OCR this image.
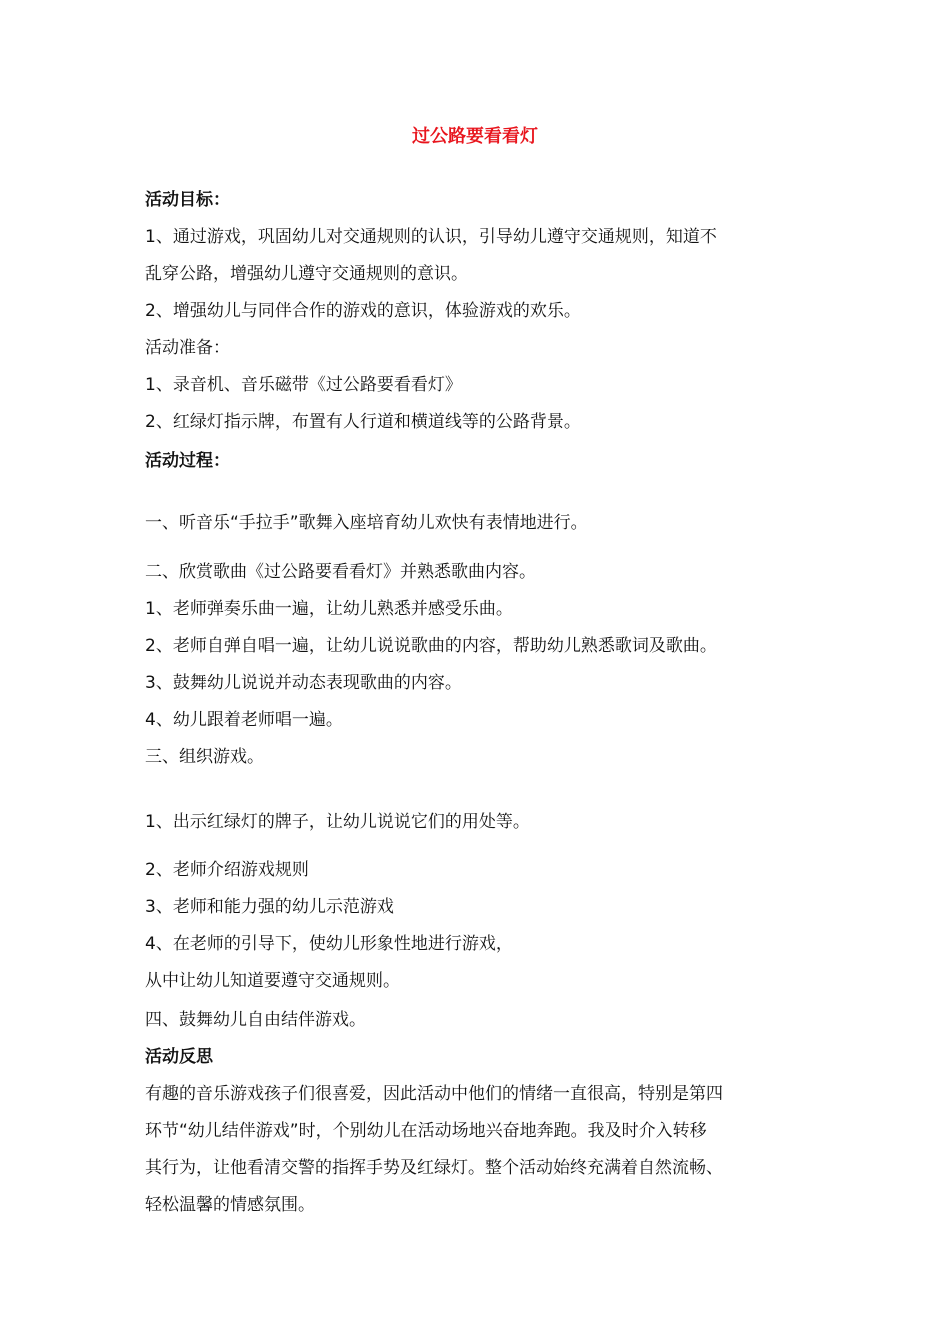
过公路要看看灯
活动目标：
1、通过游戏，巩固幼儿对交通规则的认识，引导幼儿遵守交通规则，知道不
乱穿公路，增强幼儿遵守交通规则的意识。
2、增强幼儿与同伴合作的游戏的意识，体验游戏的欢乐。
活动准备：
1、录音机、音乐磁带《过公路要看看灯》
2、红绿灯指示牌，布置有人行道和横道线等的公路背景。
活动过程：
一、听音乐“手拉手”歌舞入座培育幼儿欢快有表情地进行。
二、欣赏歌曲《过公路要看看灯》并熟悉歌曲内容。
1、老师弹奏乐曲一遍，让幼儿熟悉并感受乐曲。
2、老师自弹自唱一遍，让幼儿说说歌曲的内容，帮助幼儿熟悉歌词及歌曲。
3、鼓舞幼儿说说并动态表现歌曲的内容。
4、幼儿跟着老师唱一遍。
三、组织游戏。
1、出示红绿灯的牌子，让幼儿说说它们的用处等。
2、老师介绍游戏规则
3、老师和能力强的幼儿示范游戏
4、在老师的引导下，使幼儿形象性地进行游戏，
从中让幼儿知道要遵守交通规则。
四、鼓舞幼儿自由结伴游戏。
活动反思
有趣的音乐游戏孩子们很喜爱，因此活动中他们的情绪一直很高，特别是第四
环节“幼儿结伴游戏”时，个别幼儿在活动场地兴奋地奔跑。我及时介入转移
其行为，让他看清交警的指挥手势及红绿灯。整个活动始终充满着自然流畅、
轻松温馨的情感氛围。
